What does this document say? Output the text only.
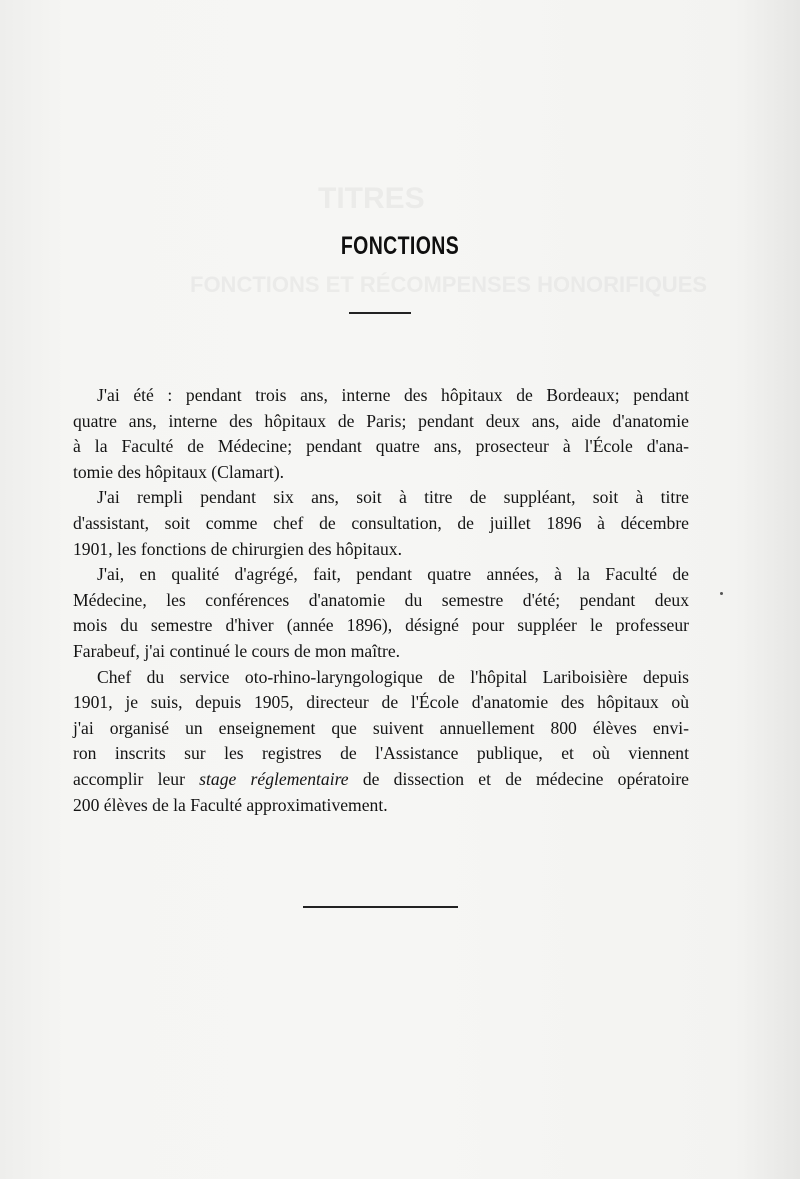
TITRES
FONCTIONS ET RÉCOMPENSES HONORIFIQUES
FONCTIONS

J'ai été : pendant trois ans, interne des hôpitaux de Bordeaux; pendant
quatre ans, interne des hôpitaux de Paris; pendant deux ans, aide d'anatomie
à la Faculté de Médecine; pendant quatre ans, prosecteur à l'École d'ana-
tomie des hôpitaux (Clamart).

J'ai rempli pendant six ans, soit à titre de suppléant, soit à titre
d'assistant, soit comme chef de consultation, de juillet 1896 à décembre
1901, les fonctions de chirurgien des hôpitaux.

J'ai, en qualité d'agrégé, fait, pendant quatre années, à la Faculté de
Médecine, les conférences d'anatomie du semestre d'été; pendant deux
mois du semestre d'hiver (année 1896), désigné pour suppléer le professeur
Farabeuf, j'ai continué le cours de mon maître.

Chef du service oto-rhino-laryngologique de l'hôpital Lariboisière depuis
1901, je suis, depuis 1905, directeur de l'École d'anatomie des hôpitaux où
j'ai organisé un enseignement que suivent annuellement 800 élèves envi-
ron inscrits sur les registres de l'Assistance publique, et où viennent
accomplir leur stage réglementaire de dissection et de médecine opératoire
200 élèves de la Faculté approximativement.
